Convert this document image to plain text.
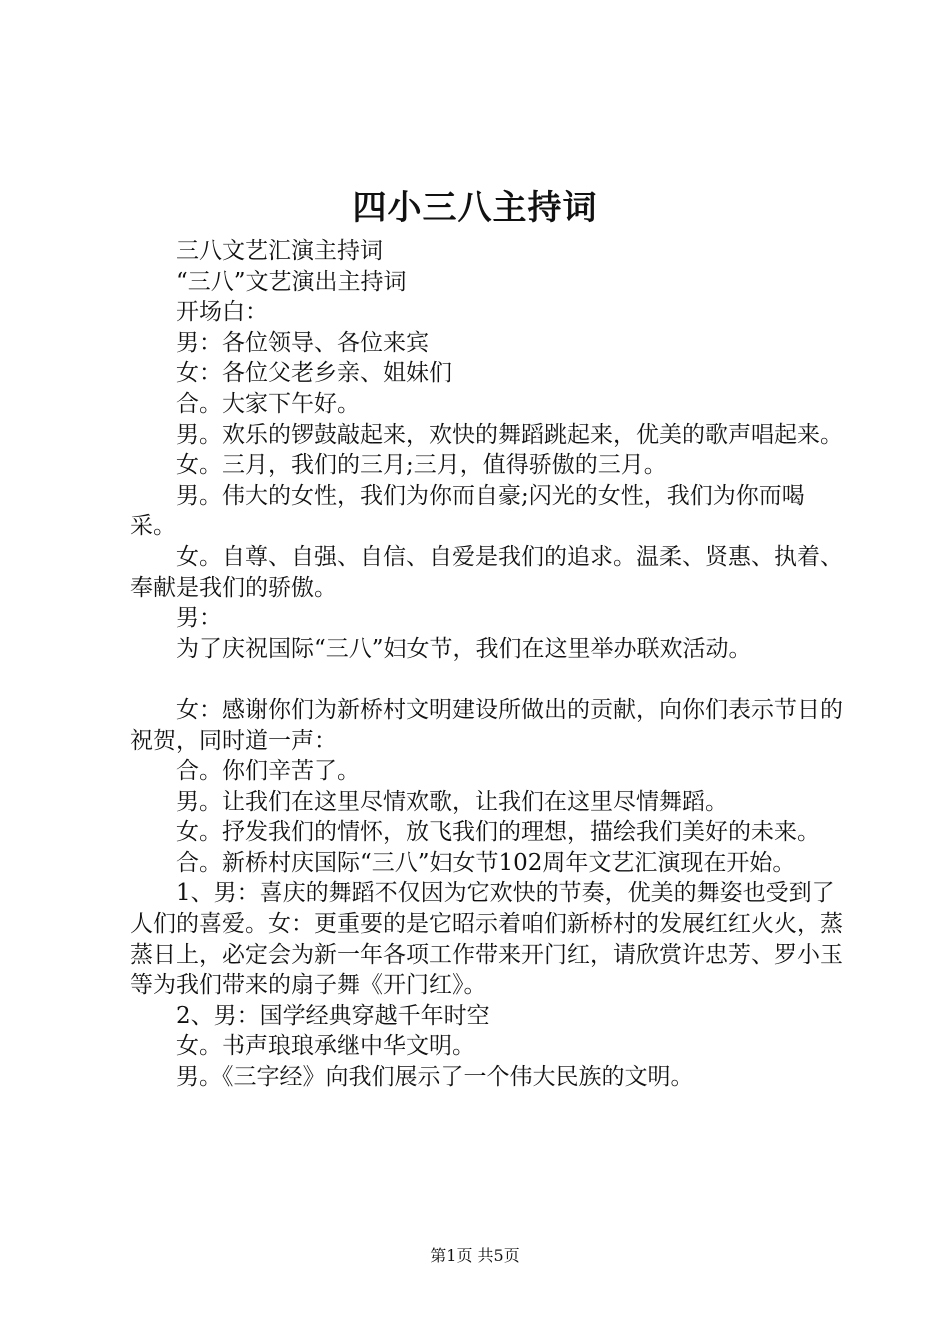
四小三八主持词

三八文艺汇演主持词

“三八”文艺演出主持词

开场白：

男：各位领导、各位来宾

女：各位父老乡亲、姐妹们

合。大家下午好。

男。欢乐的锣鼓敲起来，欢快的舞蹈跳起来，优美的歌声唱起来。

女。三月，我们的三月;三月，值得骄傲的三月。

男。伟大的女性，我们为你而自豪;闪光的女性，我们为你而喝采。

女。自尊、自强、自信、自爱是我们的追求。温柔、贤惠、执着、奉献是我们的骄傲。

男：

为了庆祝国际“三八”妇女节，我们在这里举办联欢活动。

女：感谢你们为新桥村文明建设所做出的贡献，向你们表示节日的祝贺，同时道一声：

合。你们辛苦了。

男。让我们在这里尽情欢歌，让我们在这里尽情舞蹈。

女。抒发我们的情怀，放飞我们的理想，描绘我们美好的未来。

合。新桥村庆国际“三八”妇女节102周年文艺汇演现在开始。

1、男：喜庆的舞蹈不仅因为它欢快的节奏，优美的舞姿也受到了人们的喜爱。女：更重要的是它昭示着咱们新桥村的发展红红火火，蒸蒸日上，必定会为新一年各项工作带来开门红，请欣赏许忠芳、罗小玉等为我们带来的扇子舞《开门红》。

2、男：国学经典穿越千年时空

女。书声琅琅承继中华文明。

男。《三字经》向我们展示了一个伟大民族的文明。

第1页 共5页
